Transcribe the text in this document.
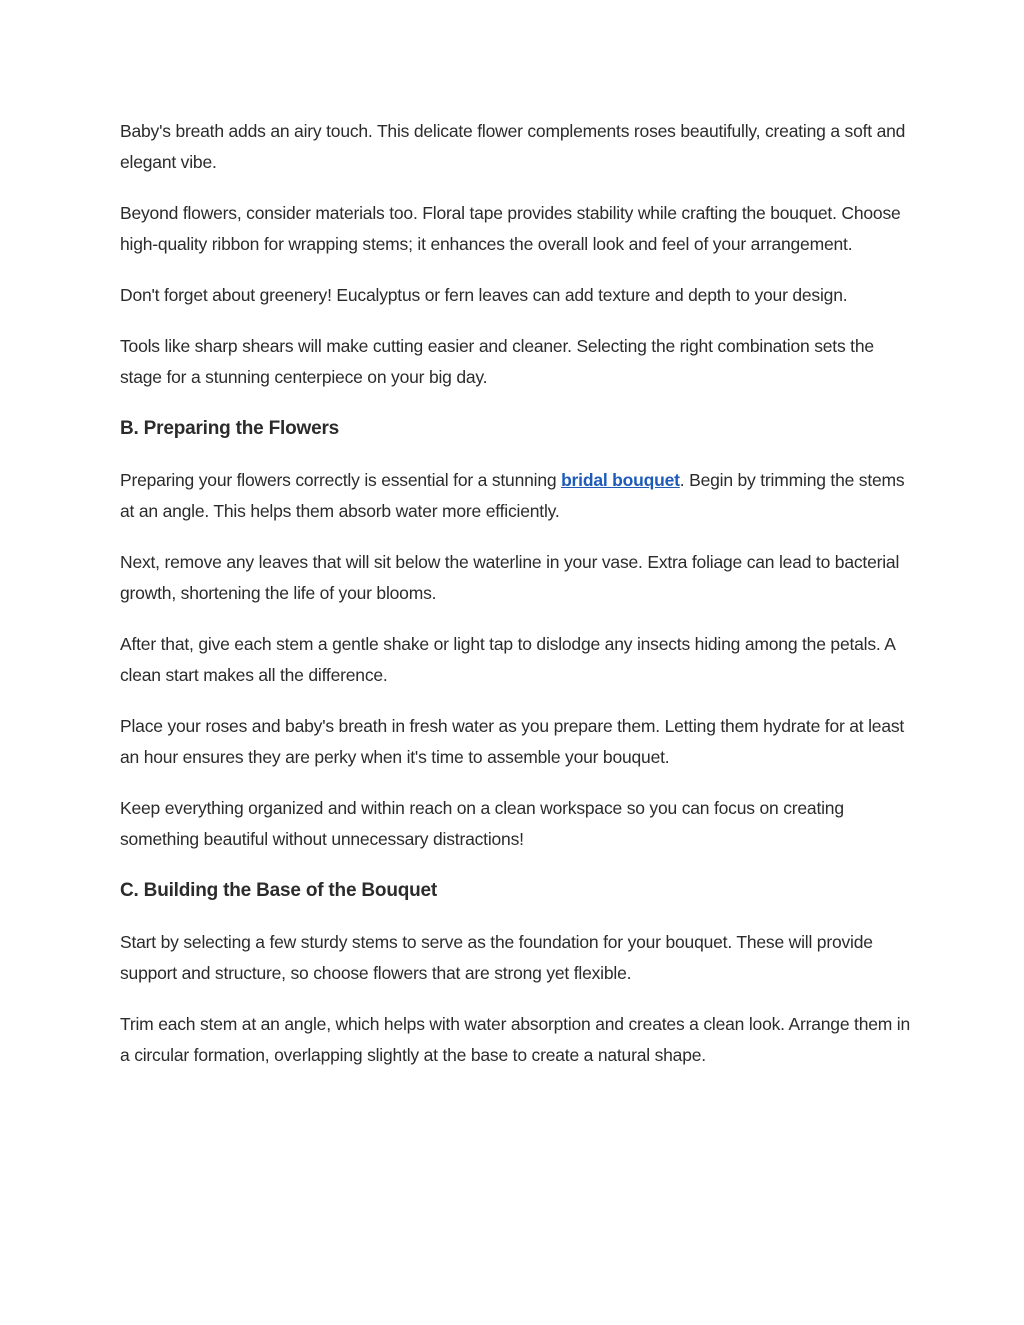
Baby's breath adds an airy touch. This delicate flower complements roses beautifully, creating a soft and elegant vibe.

Beyond flowers, consider materials too. Floral tape provides stability while crafting the bouquet. Choose high-quality ribbon for wrapping stems; it enhances the overall look and feel of your arrangement.

Don't forget about greenery! Eucalyptus or fern leaves can add texture and depth to your design.

Tools like sharp shears will make cutting easier and cleaner. Selecting the right combination sets the stage for a stunning centerpiece on your big day.

B. Preparing the Flowers

Preparing your flowers correctly is essential for a stunning bridal bouquet. Begin by trimming the stems at an angle. This helps them absorb water more efficiently.

Next, remove any leaves that will sit below the waterline in your vase. Extra foliage can lead to bacterial growth, shortening the life of your blooms.

After that, give each stem a gentle shake or light tap to dislodge any insects hiding among the petals. A clean start makes all the difference.

Place your roses and baby's breath in fresh water as you prepare them. Letting them hydrate for at least an hour ensures they are perky when it's time to assemble your bouquet.

Keep everything organized and within reach on a clean workspace so you can focus on creating something beautiful without unnecessary distractions!

C. Building the Base of the Bouquet

Start by selecting a few sturdy stems to serve as the foundation for your bouquet. These will provide support and structure, so choose flowers that are strong yet flexible.

Trim each stem at an angle, which helps with water absorption and creates a clean look. Arrange them in a circular formation, overlapping slightly at the base to create a natural shape.
